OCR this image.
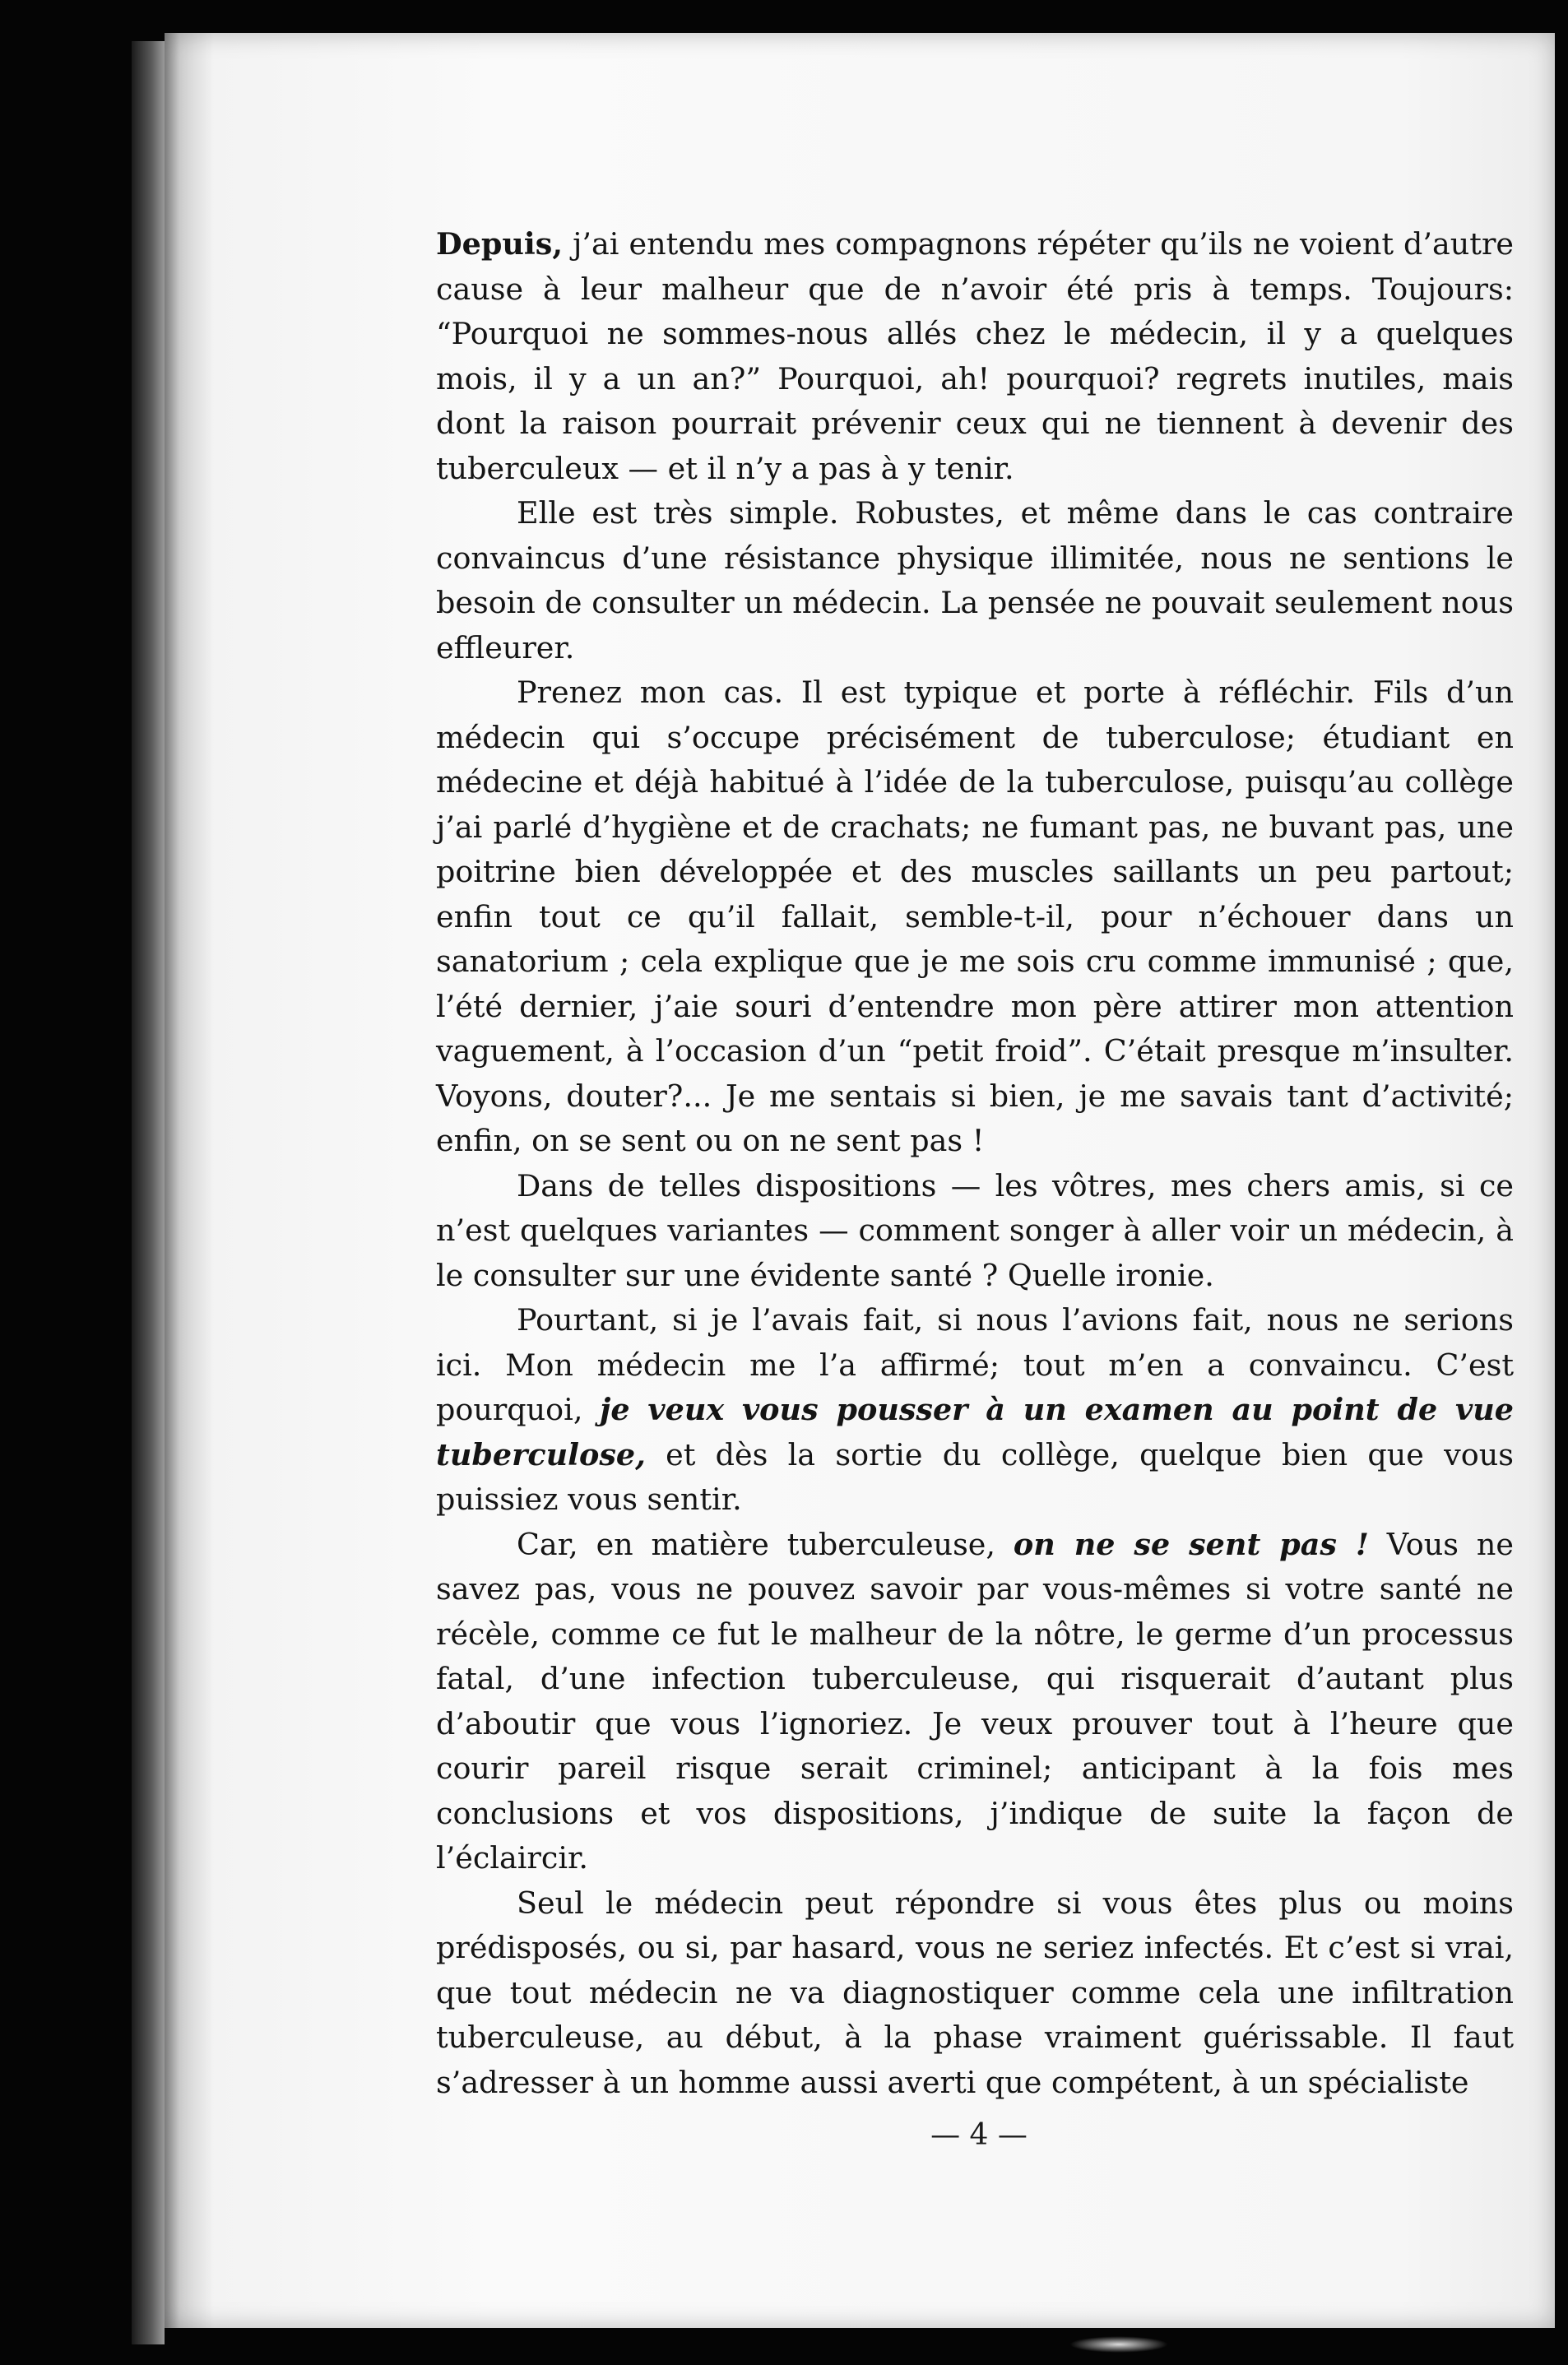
Depuis, j’ai entendu mes compagnons répéter qu’ils ne voient d’autre cause à leur malheur que de n’avoir été pris à temps. Toujours: “Pourquoi ne sommes-nous allés chez le médecin, il y a quelques mois, il y a un an?” Pourquoi, ah! pourquoi? regrets inutiles, mais dont la raison pourrait prévenir ceux qui ne tiennent à devenir des tuberculeux — et il n’y a pas à y tenir.

Elle est très simple. Robustes, et même dans le cas contraire convaincus d’une résistance physique illimitée, nous ne sentions le besoin de consulter un médecin. La pensée ne pouvait seulement nous effleurer.

Prenez mon cas. Il est typique et porte à réfléchir. Fils d’un médecin qui s’occupe précisément de tuberculose; étudiant en médecine et déjà habitué à l’idée de la tuberculose, puisqu’au collège j’ai parlé d’hygiène et de crachats; ne fumant pas, ne buvant pas, une poitrine bien développée et des muscles saillants un peu partout; enfin tout ce qu’il fallait, semble-t-il, pour n’échouer dans un sanatorium ; cela explique que je me sois cru comme immunisé ; que, l’été dernier, j’aie souri d’entendre mon père attirer mon attention vaguement, à l’occasion d’un “petit froid”. C’était presque m’insulter. Voyons, douter?... Je me sentais si bien, je me savais tant d’activité; enfin, on se sent ou on ne sent pas !

Dans de telles dispositions — les vôtres, mes chers amis, si ce n’est quelques variantes — comment songer à aller voir un médecin, à le consulter sur une évidente santé ? Quelle ironie.

Pourtant, si je l’avais fait, si nous l’avions fait, nous ne serions ici. Mon médecin me l’a affirmé; tout m’en a convaincu. C’est pourquoi, je veux vous pousser à un examen au point de vue tuberculose, et dès la sortie du collège, quelque bien que vous puissiez vous sentir.

Car, en matière tuberculeuse, on ne se sent pas ! Vous ne savez pas, vous ne pouvez savoir par vous-mêmes si votre santé ne récèle, comme ce fut le malheur de la nôtre, le germe d’un processus fatal, d’une infection tuberculeuse, qui risquerait d’autant plus d’aboutir que vous l’ignoriez. Je veux prouver tout à l’heure que courir pareil risque serait criminel; anticipant à la fois mes conclusions et vos dispositions, j’indique de suite la façon de l’éclaircir.

Seul le médecin peut répondre si vous êtes plus ou moins prédisposés, ou si, par hasard, vous ne seriez infectés. Et c’est si vrai, que tout médecin ne va diagnostiquer comme cela une infiltration tuberculeuse, au début, à la phase vraiment guérissable. Il faut s’adresser à un homme aussi averti que compétent, à un spécialiste

— 4 —
